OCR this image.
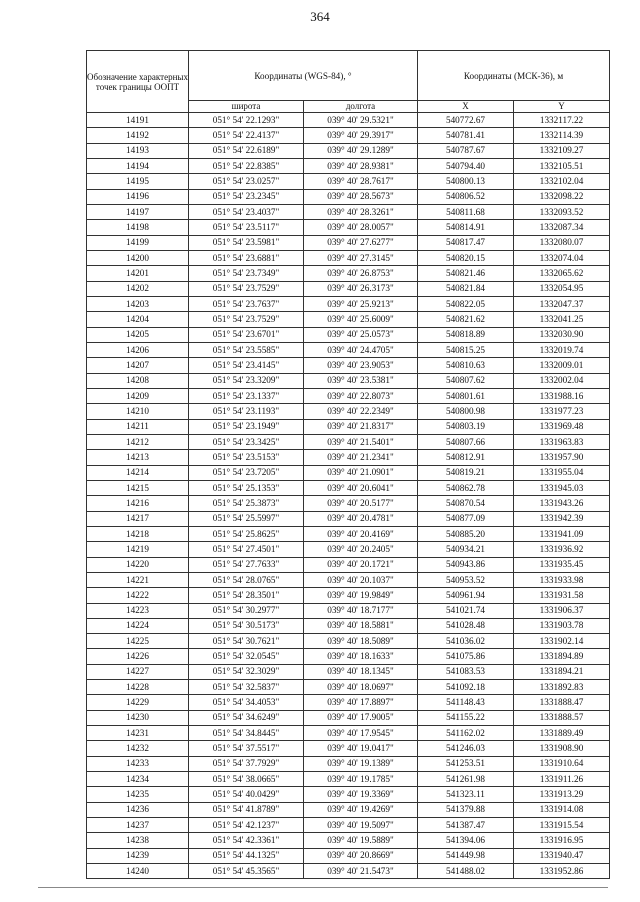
364
Обозначение характерных точек границы ООПТ	Координаты (WGS-84), °		Координаты (МСК-36), м	
	широта	долгота	X	Y
14191	051° 54' 22.1293"	039° 40' 29.5321"	540772.67	1332117.22
14192	051° 54' 22.4137"	039° 40' 29.3917"	540781.41	1332114.39
14193	051° 54' 22.6189"	039° 40' 29.1289"	540787.67	1332109.27
14194	051° 54' 22.8385"	039° 40' 28.9381"	540794.40	1332105.51
14195	051° 54' 23.0257"	039° 40' 28.7617"	540800.13	1332102.04
14196	051° 54' 23.2345"	039° 40' 28.5673"	540806.52	1332098.22
14197	051° 54' 23.4037"	039° 40' 28.3261"	540811.68	1332093.52
14198	051° 54' 23.5117"	039° 40' 28.0057"	540814.91	1332087.34
14199	051° 54' 23.5981"	039° 40' 27.6277"	540817.47	1332080.07
14200	051° 54' 23.6881"	039° 40' 27.3145"	540820.15	1332074.04
14201	051° 54' 23.7349"	039° 40' 26.8753"	540821.46	1332065.62
14202	051° 54' 23.7529"	039° 40' 26.3173"	540821.84	1332054.95
14203	051° 54' 23.7637"	039° 40' 25.9213"	540822.05	1332047.37
14204	051° 54' 23.7529"	039° 40' 25.6009"	540821.62	1332041.25
14205	051° 54' 23.6701"	039° 40' 25.0573"	540818.89	1332030.90
14206	051° 54' 23.5585"	039° 40' 24.4705"	540815.25	1332019.74
14207	051° 54' 23.4145"	039° 40' 23.9053"	540810.63	1332009.01
14208	051° 54' 23.3209"	039° 40' 23.5381"	540807.62	1332002.04
14209	051° 54' 23.1337"	039° 40' 22.8073"	540801.61	1331988.16
14210	051° 54' 23.1193"	039° 40' 22.2349"	540800.98	1331977.23
14211	051° 54' 23.1949"	039° 40' 21.8317"	540803.19	1331969.48
14212	051° 54' 23.3425"	039° 40' 21.5401"	540807.66	1331963.83
14213	051° 54' 23.5153"	039° 40' 21.2341"	540812.91	1331957.90
14214	051° 54' 23.7205"	039° 40' 21.0901"	540819.21	1331955.04
14215	051° 54' 25.1353"	039° 40' 20.6041"	540862.78	1331945.03
14216	051° 54' 25.3873"	039° 40' 20.5177"	540870.54	1331943.26
14217	051° 54' 25.5997"	039° 40' 20.4781"	540877.09	1331942.39
14218	051° 54' 25.8625"	039° 40' 20.4169"	540885.20	1331941.09
14219	051° 54' 27.4501"	039° 40' 20.2405"	540934.21	1331936.92
14220	051° 54' 27.7633"	039° 40' 20.1721"	540943.86	1331935.45
14221	051° 54' 28.0765"	039° 40' 20.1037"	540953.52	1331933.98
14222	051° 54' 28.3501"	039° 40' 19.9849"	540961.94	1331931.58
14223	051° 54' 30.2977"	039° 40' 18.7177"	541021.74	1331906.37
14224	051° 54' 30.5173"	039° 40' 18.5881"	541028.48	1331903.78
14225	051° 54' 30.7621"	039° 40' 18.5089"	541036.02	1331902.14
14226	051° 54' 32.0545"	039° 40' 18.1633"	541075.86	1331894.89
14227	051° 54' 32.3029"	039° 40' 18.1345"	541083.53	1331894.21
14228	051° 54' 32.5837"	039° 40' 18.0697"	541092.18	1331892.83
14229	051° 54' 34.4053"	039° 40' 17.8897"	541148.43	1331888.47
14230	051° 54' 34.6249"	039° 40' 17.9005"	541155.22	1331888.57
14231	051° 54' 34.8445"	039° 40' 17.9545"	541162.02	1331889.49
14232	051° 54' 37.5517"	039° 40' 19.0417"	541246.03	1331908.90
14233	051° 54' 37.7929"	039° 40' 19.1389"	541253.51	1331910.64
14234	051° 54' 38.0665"	039° 40' 19.1785"	541261.98	1331911.26
14235	051° 54' 40.0429"	039° 40' 19.3369"	541323.11	1331913.29
14236	051° 54' 41.8789"	039° 40' 19.4269"	541379.88	1331914.08
14237	051° 54' 42.1237"	039° 40' 19.5097"	541387.47	1331915.54
14238	051° 54' 42.3361"	039° 40' 19.5889"	541394.06	1331916.95
14239	051° 54' 44.1325"	039° 40' 20.8669"	541449.98	1331940.47
14240	051° 54' 45.3565"	039° 40' 21.5473"	541488.02	1331952.86
